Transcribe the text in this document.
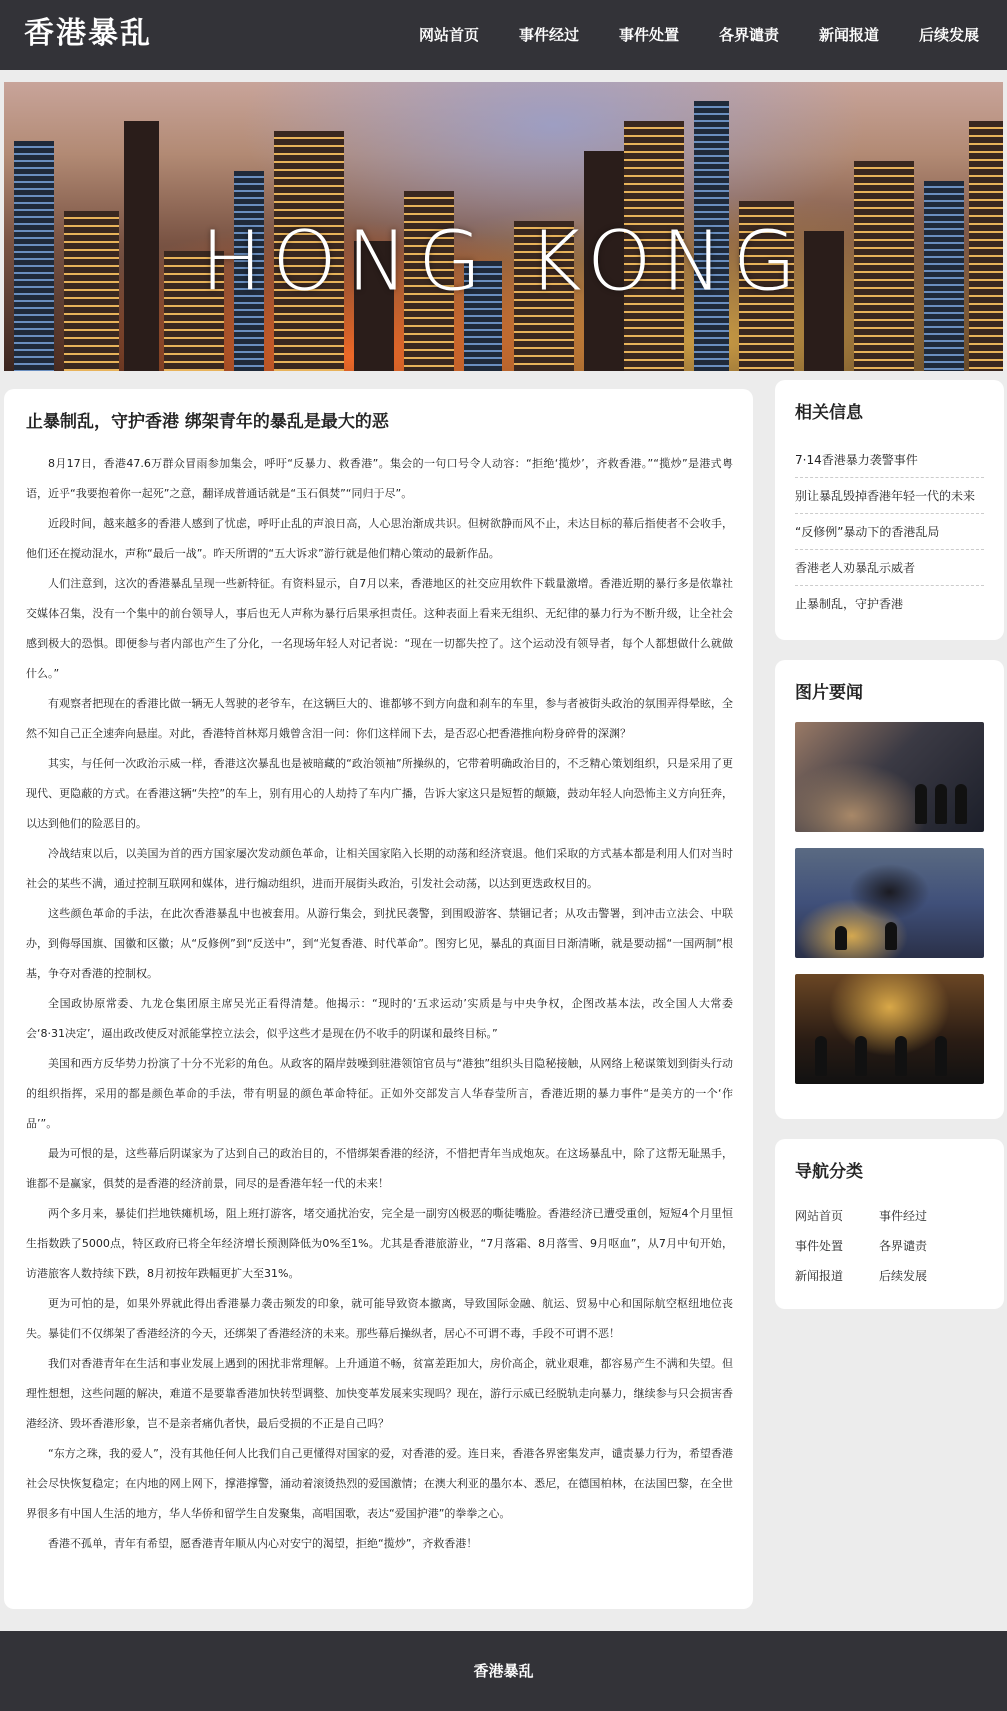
香港暴乱	网站首页	事件经过	事件处置	各界谴责	新闻报道	后续发展
HONG KONG
止暴制乱，守护香港 绑架青年的暴乱是最大的恶

8月17日，香港47.6万群众冒雨参加集会，呼吁“反暴力、救香港”。集会的一句口号令人动容：“拒绝‘揽炒’，齐救香港。”“揽炒”是港式粤语，近乎“我要抱着你一起死”之意，翻译成普通话就是“玉石俱焚”“同归于尽”。

近段时间，越来越多的香港人感到了忧虑，呼吁止乱的声浪日高，人心思治渐成共识。但树欲静而风不止，未达目标的幕后指使者不会收手，他们还在搅动混水，声称“最后一战”。昨天所谓的“五大诉求”游行就是他们精心策动的最新作品。

人们注意到，这次的香港暴乱呈现一些新特征。有资料显示，自7月以来，香港地区的社交应用软件下载量激增。香港近期的暴行多是依靠社交媒体召集，没有一个集中的前台领导人，事后也无人声称为暴行后果承担责任。这种表面上看来无组织、无纪律的暴力行为不断升级，让全社会感到极大的恐惧。即便参与者内部也产生了分化，一名现场年轻人对记者说：“现在一切都失控了。这个运动没有领导者，每个人都想做什么就做什么。”

有观察者把现在的香港比做一辆无人驾驶的老爷车，在这辆巨大的、谁都够不到方向盘和刹车的车里，参与者被街头政治的氛围弄得晕眩，全然不知自己正全速奔向悬崖。对此，香港特首林郑月娥曾含泪一问：你们这样闹下去，是否忍心把香港推向粉身碎骨的深渊？

其实，与任何一次政治示威一样，香港这次暴乱也是被暗藏的“政治领袖”所操纵的，它带着明确政治目的，不乏精心策划组织，只是采用了更现代、更隐蔽的方式。在香港这辆“失控”的车上，别有用心的人劫持了车内广播，告诉大家这只是短暂的颠簸，鼓动年轻人向恐怖主义方向狂奔，以达到他们的险恶目的。

冷战结束以后，以美国为首的西方国家屡次发动颜色革命，让相关国家陷入长期的动荡和经济衰退。他们采取的方式基本都是利用人们对当时社会的某些不满，通过控制互联网和媒体，进行煽动组织，进而开展街头政治，引发社会动荡，以达到更迭政权目的。

这些颜色革命的手法，在此次香港暴乱中也被套用。从游行集会，到扰民袭警，到围殴游客、禁锢记者；从攻击警署，到冲击立法会、中联办，到侮辱国旗、国徽和区徽；从“反修例”到“反送中”，到“光复香港、时代革命”。图穷匕见，暴乱的真面目日渐清晰，就是要动摇“一国两制”根基，争夺对香港的控制权。

全国政协原常委、九龙仓集团原主席吴光正看得清楚。他揭示：“现时的‘五求运动’实质是与中央争权，企图改基本法，改全国人大常委会‘8·31决定’，逼出政改使反对派能掌控立法会，似乎这些才是现在仍不收手的阴谋和最终目标。”

美国和西方反华势力扮演了十分不光彩的角色。从政客的隔岸鼓噪到驻港领馆官员与“港独”组织头目隐秘接触，从网络上秘谋策划到街头行动的组织指挥，采用的都是颜色革命的手法，带有明显的颜色革命特征。正如外交部发言人华春莹所言，香港近期的暴力事件“是美方的一个‘作品’”。

最为可恨的是，这些幕后阴谋家为了达到自己的政治目的，不惜绑架香港的经济，不惜把青年当成炮灰。在这场暴乱中，除了这帮无耻黑手，谁都不是赢家，俱焚的是香港的经济前景，同尽的是香港年轻一代的未来！

两个多月来，暴徒们拦地铁瘫机场，阻上班打游客，堵交通扰治安，完全是一副穷凶极恶的嘶徒嘴脸。香港经济已遭受重创，短短4个月里恒生指数跌了5000点，特区政府已将全年经济增长预测降低为0%至1%。尤其是香港旅游业，“7月落霜、8月落雪、9月呕血”，从7月中旬开始，访港旅客人数持续下跌，8月初按年跌幅更扩大至31%。

更为可怕的是，如果外界就此得出香港暴力袭击频发的印象，就可能导致资本撤离，导致国际金融、航运、贸易中心和国际航空枢纽地位丧失。暴徒们不仅绑架了香港经济的今天，还绑架了香港经济的未来。那些幕后操纵者，居心不可谓不毒，手段不可谓不恶！

我们对香港青年在生活和事业发展上遇到的困扰非常理解。上升通道不畅，贫富差距加大，房价高企，就业艰难，都容易产生不满和失望。但理性想想，这些问题的解决，难道不是要靠香港加快转型调整、加快变革发展来实现吗？现在，游行示威已经脱轨走向暴力，继续参与只会损害香港经济、毁坏香港形象，岂不是亲者痛仇者快，最后受损的不正是自己吗？

“东方之珠，我的爱人”，没有其他任何人比我们自己更懂得对国家的爱，对香港的爱。连日来，香港各界密集发声，谴责暴力行为，希望香港社会尽快恢复稳定；在内地的网上网下，撑港撑警，涌动着滚烫热烈的爱国激情；在澳大利亚的墨尔本、悉尼，在德国柏林，在法国巴黎，在全世界很多有中国人生活的地方，华人华侨和留学生自发聚集，高唱国歌，表达“爱国护港”的拳拳之心。

香港不孤单，青年有希望，愿香港青年顺从内心对安宁的渴望，拒绝“揽炒”，齐救香港！

相关信息
7·14香港暴力袭警事件
别让暴乱毁掉香港年轻一代的未来
“反修例”暴动下的香港乱局
香港老人劝暴乱示威者
止暴制乱，守护香港
图片要闻
导航分类
网站首页	事件经过
事件处置	各界谴责
新闻报道	后续发展
香港暴乱
